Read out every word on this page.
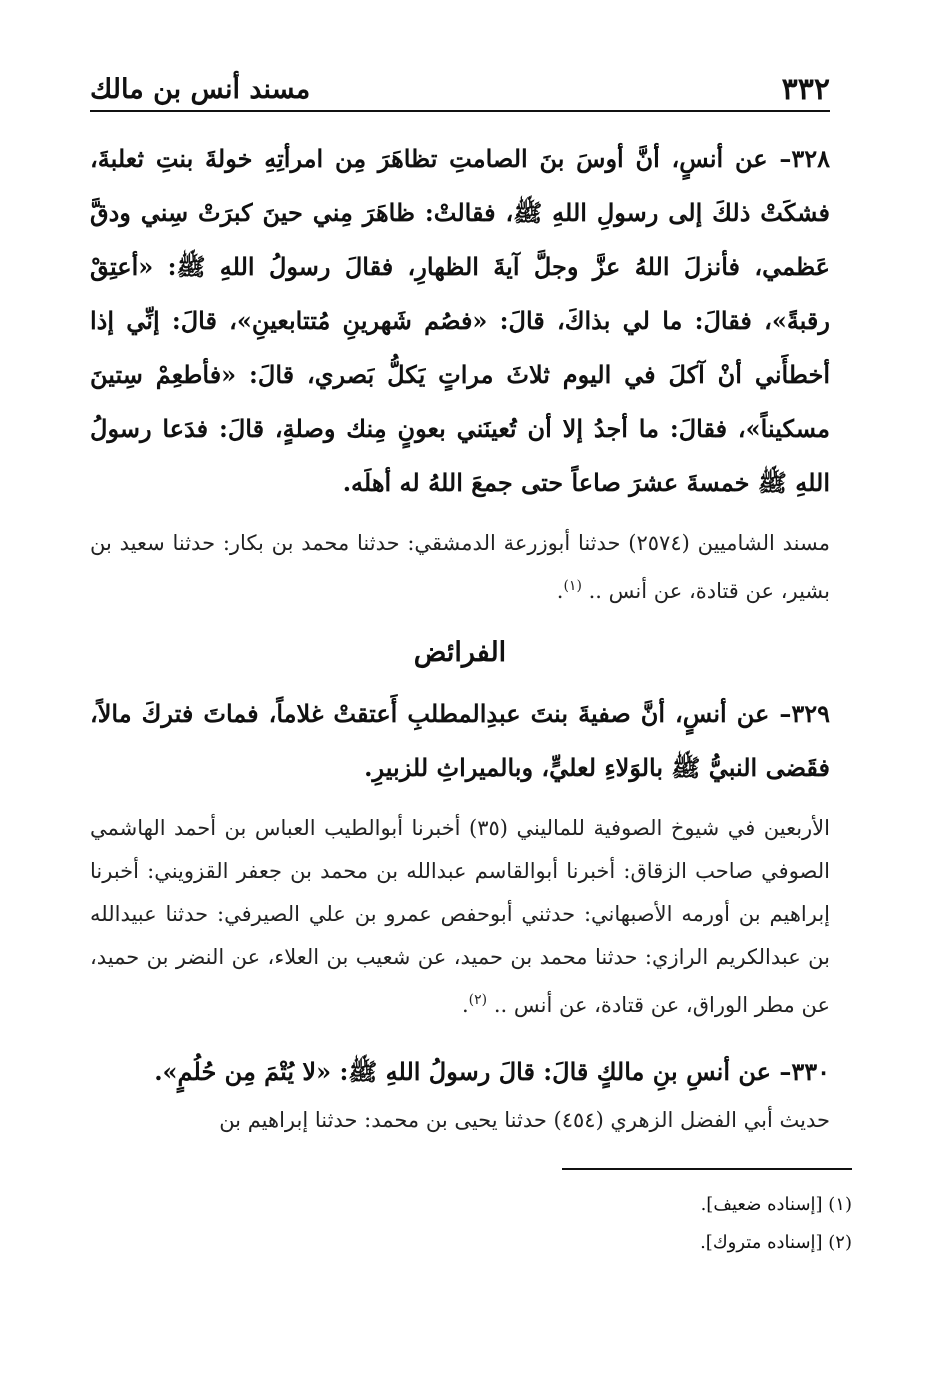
٣٣٢
مسند أنس بن مالك

٣٢٨– عن أنسٍ، أنَّ أوسَ بنَ الصامتِ تظاهَرَ مِن امرأتِهِ خولةَ بنتِ ثعلبةَ، فشكَتْ ذلكَ إلى رسولِ اللهِ ﷺ، فقالتْ: ظاهَرَ مِني حينَ كبرَتْ سِني ودقَّ عَظمي، فأنزلَ اللهُ عزَّ وجلَّ آيةَ الظهارِ، فقالَ رسولُ اللهِ ﷺ: «أعتِقْ رقبةً»، فقالَ: ما لي بذاكَ، قالَ: «فصُم شَهرينِ مُتتابعينِ»، قالَ: إنِّي إذا أخطأَني أنْ آكلَ في اليوم ثلاثَ مراتٍ يَكلُّ بَصري، قالَ: «فأطعِمْ سِتينَ مسكيناً»، فقالَ: ما أجدُ إلا أن تُعينَني بعونٍ مِنك وصلةٍ، قالَ: فدَعا رسولُ اللهِ ﷺ خمسةَ عشرَ صاعاً حتى جمعَ اللهُ له أهلَه.

مسند الشاميين (٢٥٧٤) حدثنا أبوزرعة الدمشقي: حدثنا محمد بن بكار: حدثنا سعيد بن بشير، عن قتادة، عن أنس .. $^{(١)}$.

الفرائض

٣٢٩– عن أنسٍ، أنَّ صفيةَ بنتَ عبدِالمطلبِ أَعتقتْ غلاماً، فماتَ فتركَ مالاً، فقَضى النبيُّ ﷺ بالوَلاءِ لعليٍّ، وبالميراثِ للزبيرِ.

الأربعين في شيوخ الصوفية للماليني (٣٥) أخبرنا أبوالطيب العباس بن أحمد الهاشمي الصوفي صاحب الزقاق: أخبرنا أبوالقاسم عبدالله بن محمد بن جعفر القزويني: أخبرنا إبراهيم بن أورمه الأصبهاني: حدثني أبوحفص عمرو بن علي الصيرفي: حدثنا عبيدالله بن عبدالكريم الرازي: حدثنا محمد بن حميد، عن شعيب بن العلاء، عن النضر بن حميد، عن مطر الوراق، عن قتادة، عن أنس .. $^{(٢)}$.

٣٣٠– عن أنسِ بنِ مالكٍ قالَ: قالَ رسولُ اللهِ ﷺ: «لا يُتْمَ مِن حُلُمٍ».

حديث أبي الفضل الزهري (٤٥٤) حدثنا يحيى بن محمد: حدثنا إبراهيم بن

(١) [إسناده ضعيف].
(٢) [إسناده متروك].
